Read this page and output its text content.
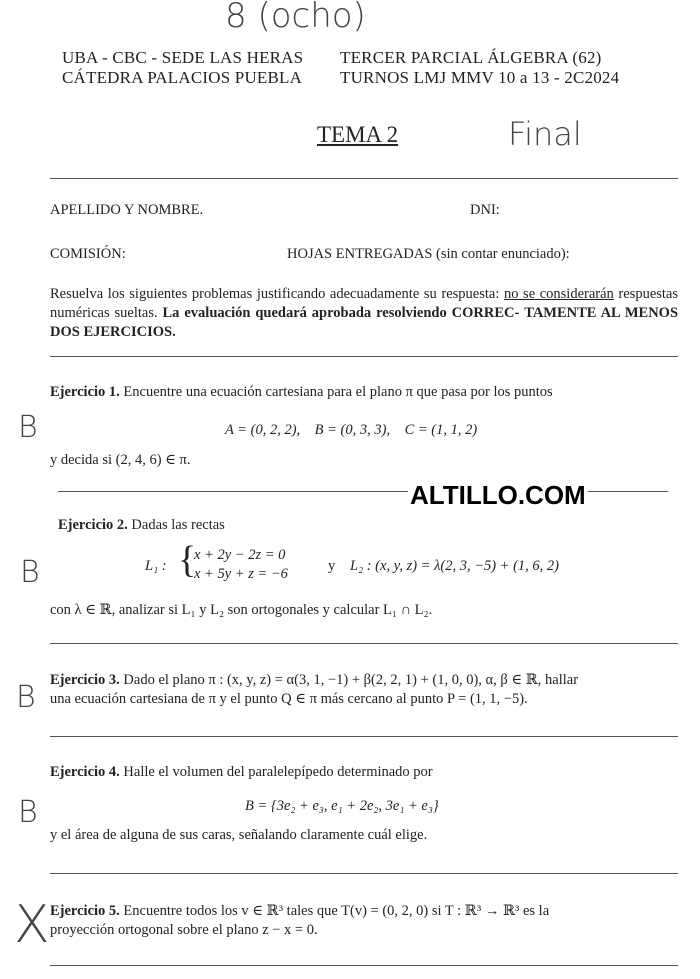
8 (ocho)
Final
B
B
B
B
X
UBA - CBC - SEDE LAS HERAS
CÁTEDRA PALACIOS PUEBLA
TERCER PARCIAL ÁLGEBRA (62)
TURNOS LMJ MMV 10 a 13 - 2C2024
TEMA 2
APELLIDO Y NOMBRE.	DNI:
COMISIÓN:	HOJAS ENTREGADAS (sin contar enunciado):
Resuelva los siguientes problemas justificando adecuadamente su respuesta: no se considerarán respuestas numéricas sueltas. La evaluación quedará aprobada resolviendo CORREC- TAMENTE AL MENOS DOS EJERCICIOS.
Ejercicio 1. Encuentre una ecuación cartesiana para el plano π que pasa por los puntos
A = (0, 2, 2),    B = (0, 3, 3),    C = (1, 1, 2)
y decida si (2, 4, 6) ∈ π.
ALTILLO.COM
Ejercicio 2. Dadas las rectas
L₁ : {
x + 2y − 2z = 0
x + 5y + z = −6	y L₂ : (x, y, z) = λ(2, 3, −5) + (1, 6, 2)
con λ ∈ ℝ, analizar si L₁ y L₂ son ortogonales y calcular L₁ ∩ L₂.
Ejercicio 3. Dado el plano π : (x, y, z) = α(3, 1, −1) + β(2, 2, 1) + (1, 0, 0), α, β ∈ ℝ, hallar
una ecuación cartesiana de π y el punto Q ∈ π más cercano al punto P = (1, 1, −5).
Ejercicio 4. Halle el volumen del paralelepípedo determinado por
B = {3e₂ + e₃, e₁ + 2e₂, 3e₁ + e₃}
y el área de alguna de sus caras, señalando claramente cuál elige.
Ejercicio 5. Encuentre todos los v ∈ ℝ³ tales que T(v) = (0, 2, 0) si T : ℝ³ → ℝ³ es la
proyección ortogonal sobre el plano z − x = 0.
